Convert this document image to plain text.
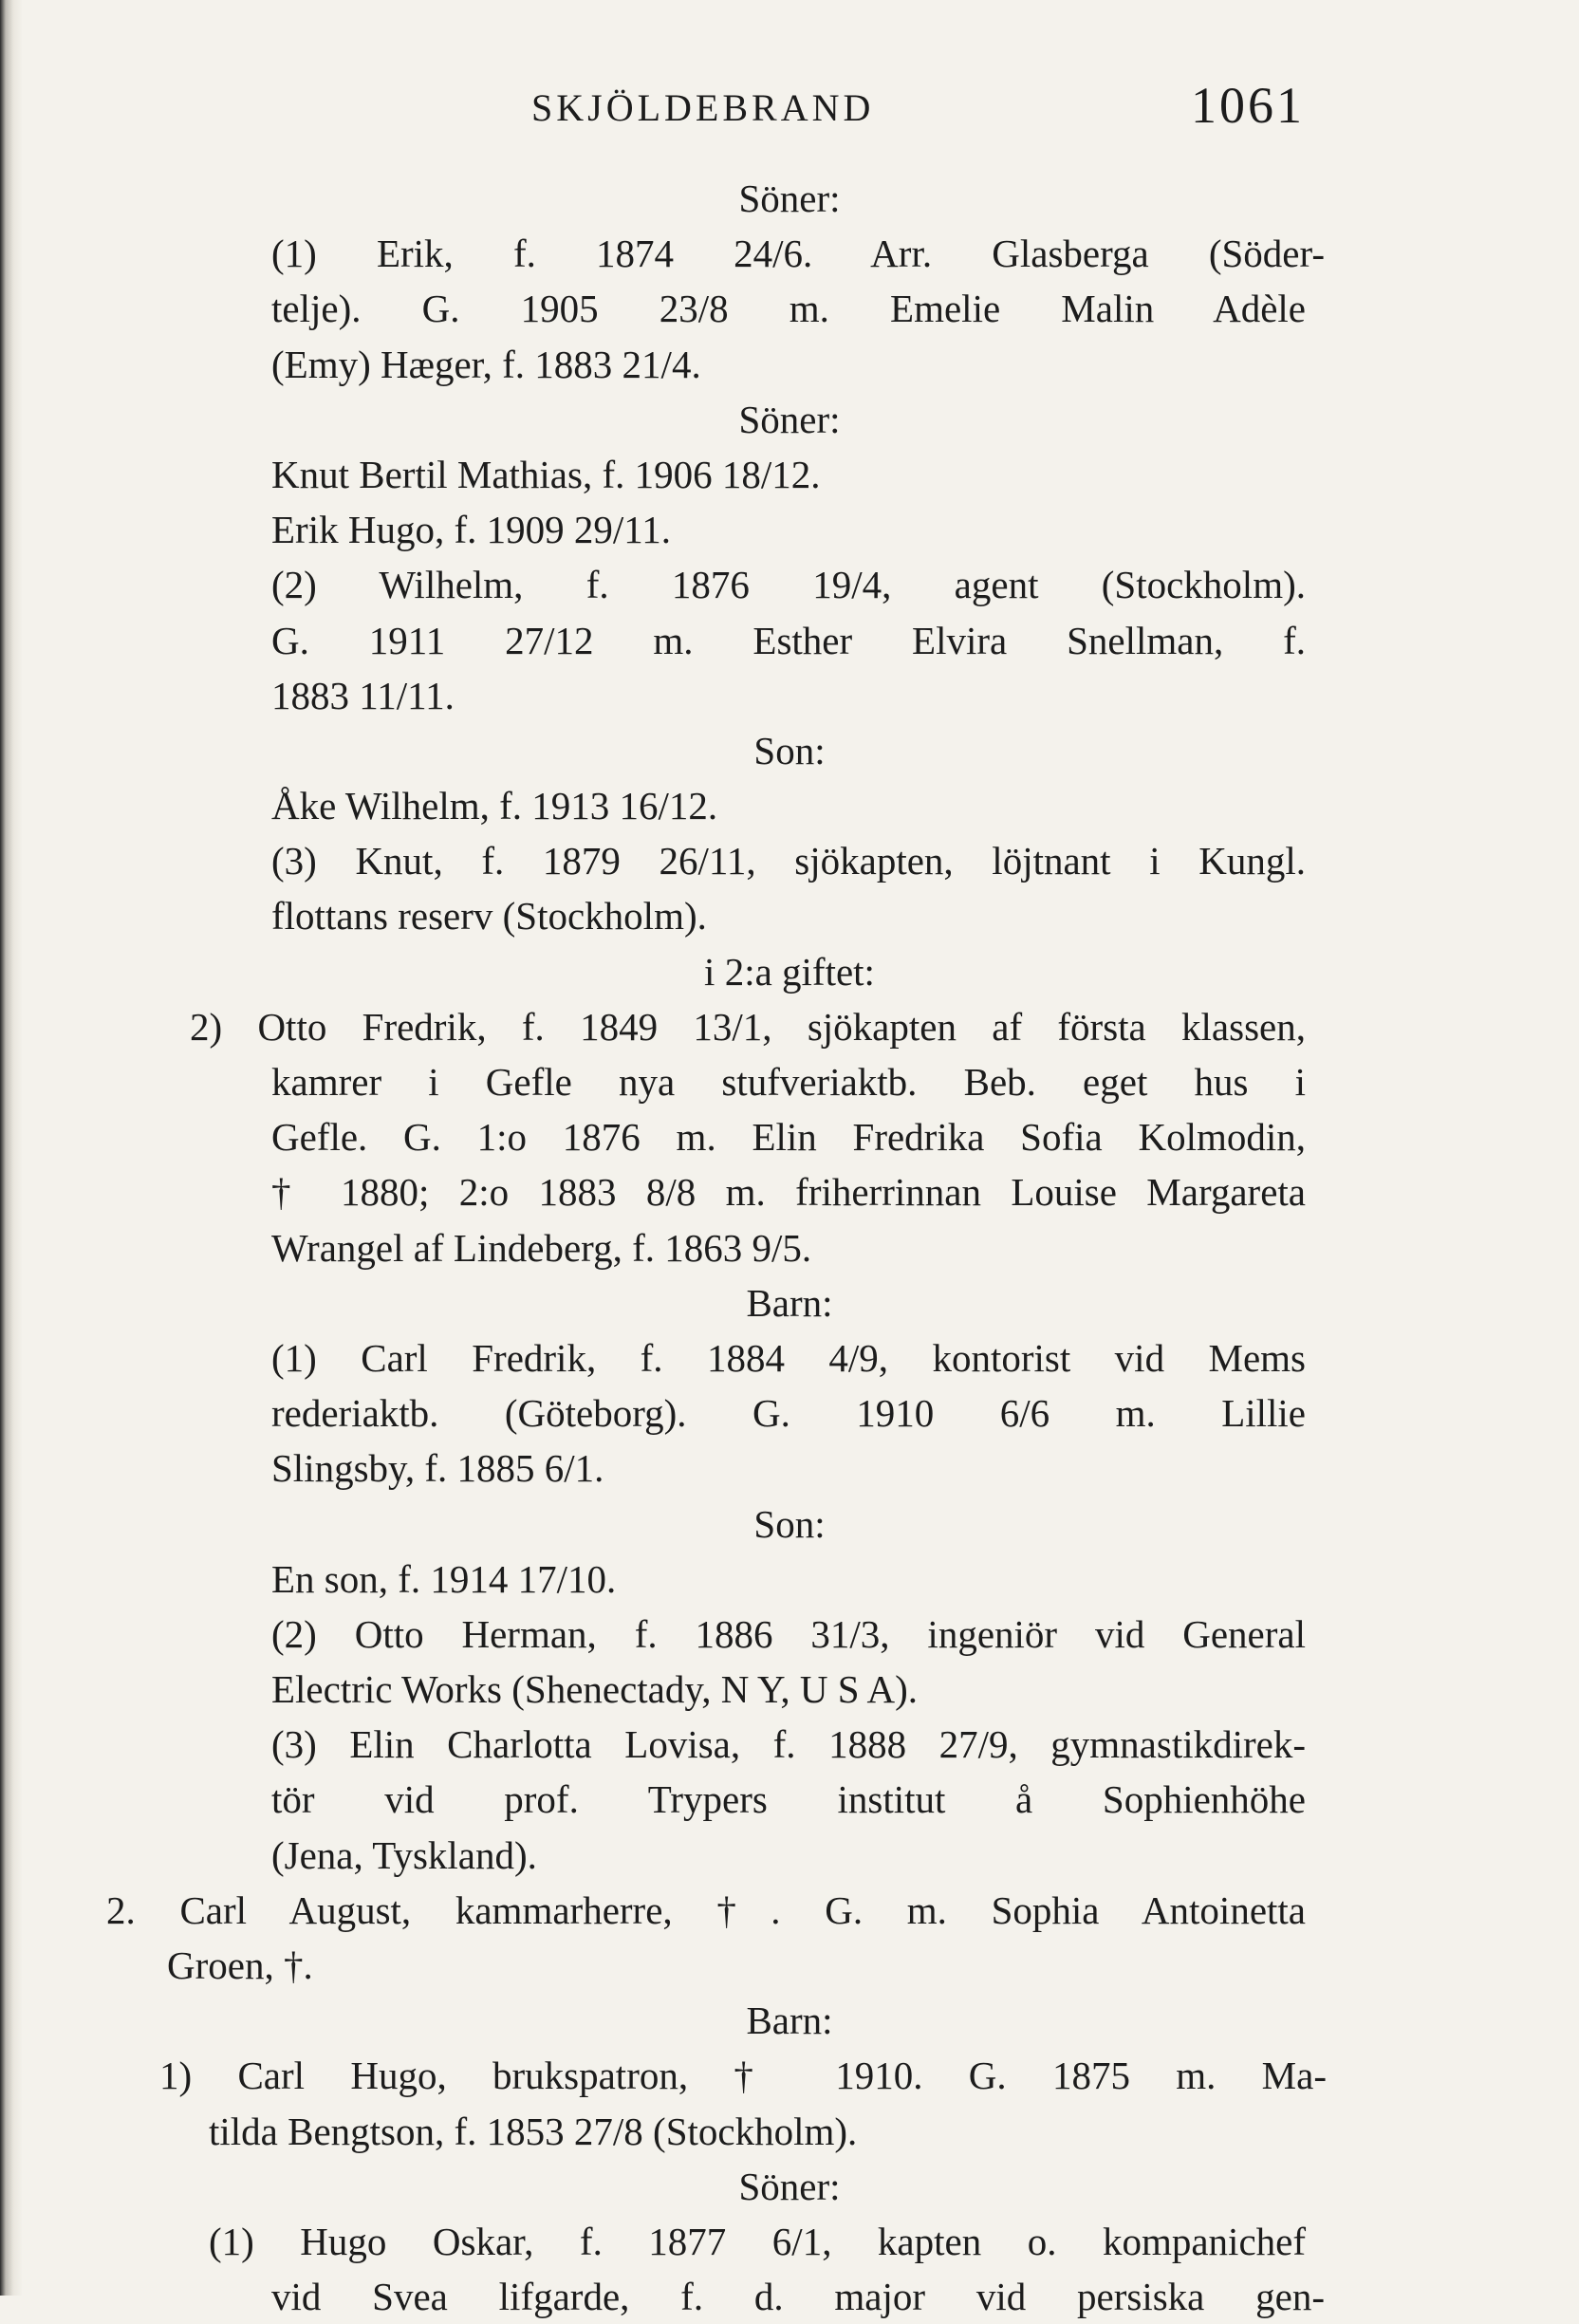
SKJÖLDEBRAND	1061
Söner:
(1) Erik, f. 1874 24/6. Arr. Glasberga (Söder-
telje). G. 1905 23/8 m. Emelie Malin Adèle
(Emy) Hæger, f. 1883 21/4.
Söner:
Knut Bertil Mathias, f. 1906 18/12.
Erik Hugo, f. 1909 29/11.
(2) Wilhelm, f. 1876 19/4, agent (Stockholm).
G. 1911 27/12 m. Esther Elvira Snellman, f.
1883 11/11.
Son:
Åke Wilhelm, f. 1913 16/12.
(3) Knut, f. 1879 26/11, sjökapten, löjtnant i Kungl.
flottans reserv (Stockholm).
i 2:a giftet:
2) Otto Fredrik, f. 1849 13/1, sjökapten af första klassen,
kamrer i Gefle nya stufveriaktb. Beb. eget hus i
Gefle. G. 1:o 1876 m. Elin Fredrika Sofia Kolmodin,
† 1880; 2:o 1883 8/8 m. friherrinnan Louise Margareta
Wrangel af Lindeberg, f. 1863 9/5.
Barn:
(1) Carl Fredrik, f. 1884 4/9, kontorist vid Mems
rederiaktb. (Göteborg). G. 1910 6/6 m. Lillie
Slingsby, f. 1885 6/1.
Son:
En son, f. 1914 17/10.
(2) Otto Herman, f. 1886 31/3, ingeniör vid General
Electric Works (Shenectady, N Y, U S A).
(3) Elin Charlotta Lovisa, f. 1888 27/9, gymnastikdirek-
tör vid prof. Trypers institut å Sophienhöhe
(Jena, Tyskland).
2. Carl August, kammarherre, †. G. m. Sophia Antoinetta
Groen, †.
Barn:
1) Carl Hugo, brukspatron, † 1910. G. 1875 m. Ma-
tilda Bengtson, f. 1853 27/8 (Stockholm).
Söner:
(1) Hugo Oskar, f. 1877 6/1, kapten o. kompanichef
vid Svea lifgarde, f. d. major vid persiska gen-
